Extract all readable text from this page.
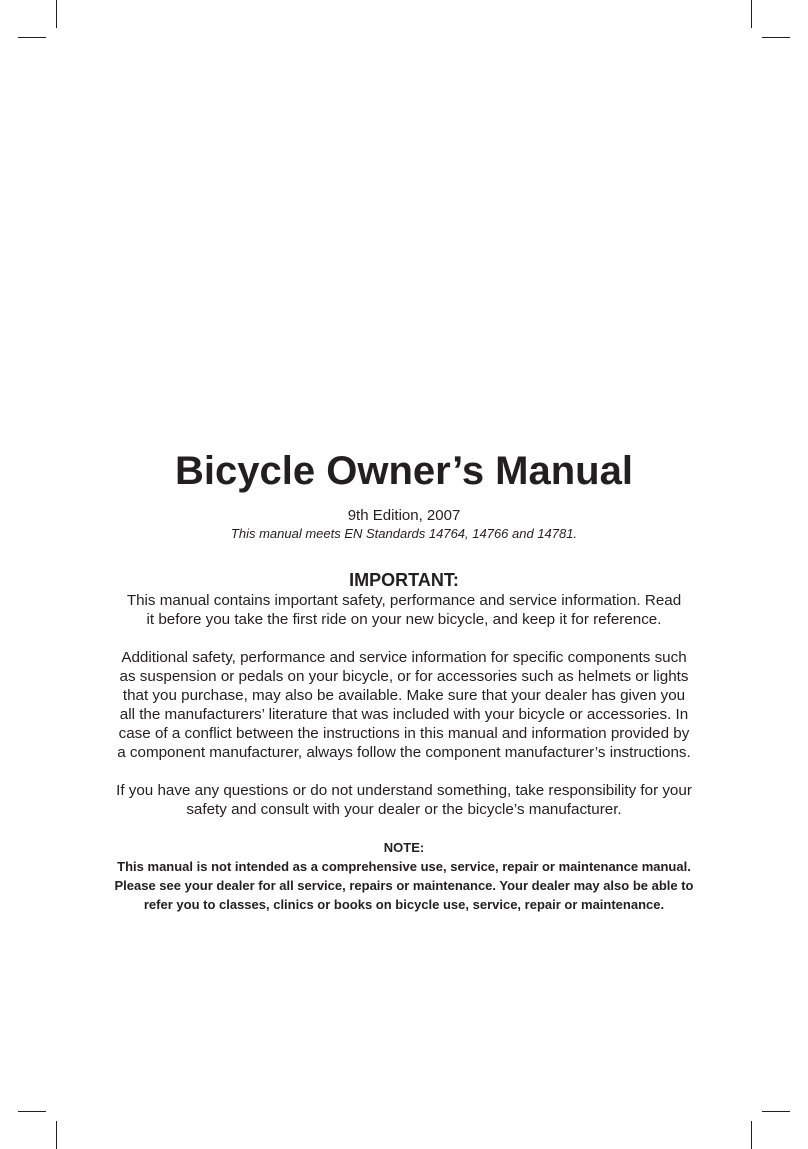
Bicycle Owner’s Manual
9th Edition, 2007
This manual meets EN Standards 14764, 14766 and 14781.
IMPORTANT:

This manual contains important safety, performance and service information. Read it before you take the first ride on your new bicycle, and keep it for reference.

Additional safety, performance and service information for specific components such as suspension or pedals on your bicycle, or for accessories such as helmets or lights that you purchase, may also be available. Make sure that your dealer has given you all the manufacturers’ literature that was included with your bicycle or accessories. In case of a conflict between the instructions in this manual and information provided by a component manufacturer, always follow the component manufacturer’s instructions.

If you have any questions or do not understand something, take responsibility for your safety and consult with your dealer or the bicycle’s manufacturer.

NOTE:

This manual is not intended as a comprehensive use, service, repair or maintenance manual. Please see your dealer for all service, repairs or maintenance. Your dealer may also be able to refer you to classes, clinics or books on bicycle use, service, repair or maintenance.
